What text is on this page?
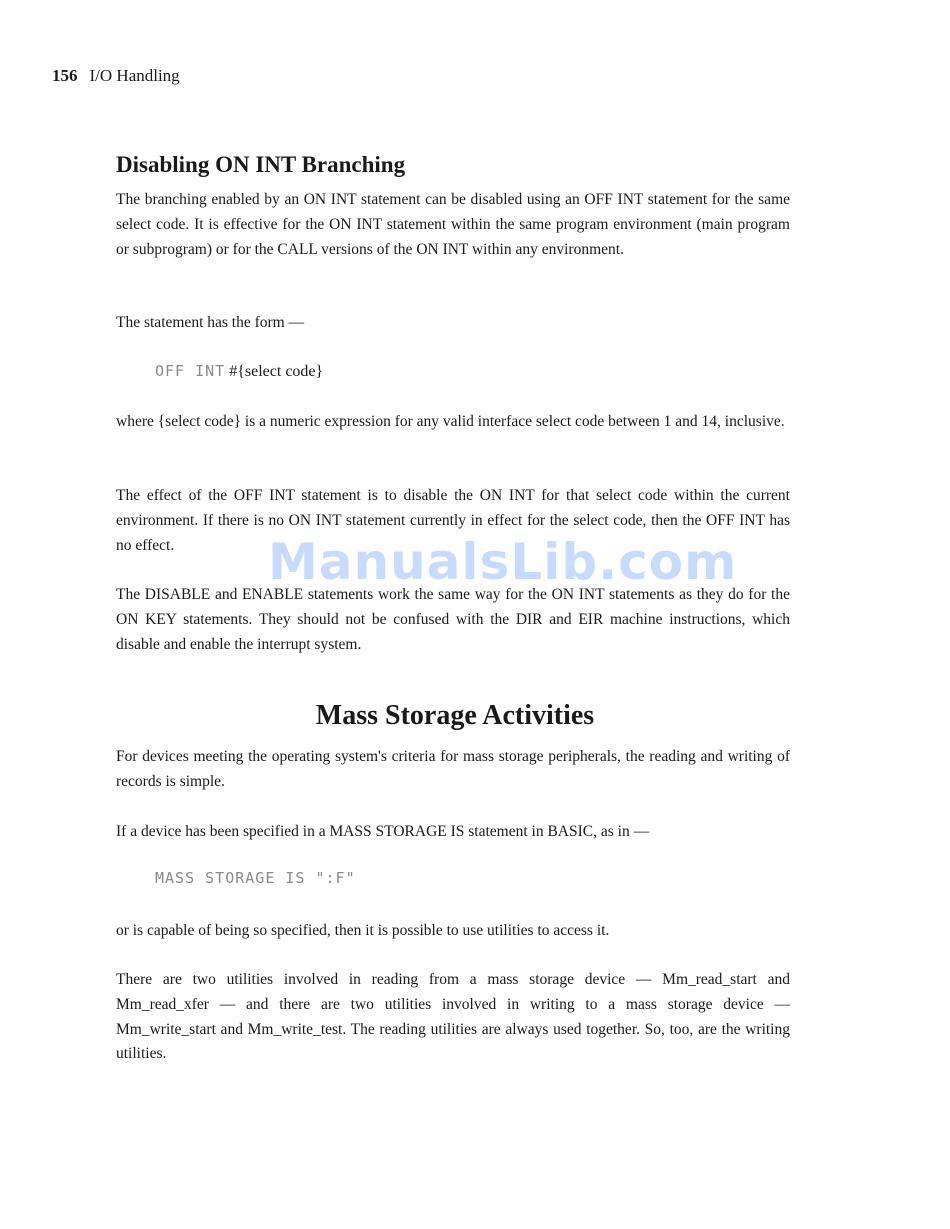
156 I/O Handling
Disabling ON INT Branching

The branching enabled by an ON INT statement can be disabled using an OFF INT statement for the same select code. It is effective for the ON INT statement within the same program environment (main program or subprogram) or for the CALL versions of the ON INT within any environment.

The statement has the form —

OFF INT #{select code}

where {select code} is a numeric expression for any valid interface select code between 1 and 14, inclusive.

The effect of the OFF INT statement is to disable the ON INT for that select code within the current environment. If there is no ON INT statement currently in effect for the select code, then the OFF INT has no effect.

The DISABLE and ENABLE statements work the same way for the ON INT statements as they do for the ON KEY statements. They should not be confused with the DIR and EIR machine instructions, which disable and enable the interrupt system.

Mass Storage Activities

For devices meeting the operating system's criteria for mass storage peripherals, the reading and writing of records is simple.

If a device has been specified in a MASS STORAGE IS statement in BASIC, as in —

MASS STORAGE IS ":F"

or is capable of being so specified, then it is possible to use utilities to access it.

There are two utilities involved in reading from a mass storage device — Mm_read_start and Mm_read_xfer — and there are two utilities involved in writing to a mass storage device — Mm_write_start and Mm_write_test. The reading utilities are always used together. So, too, are the writing utilities.

ManualsLib.com
